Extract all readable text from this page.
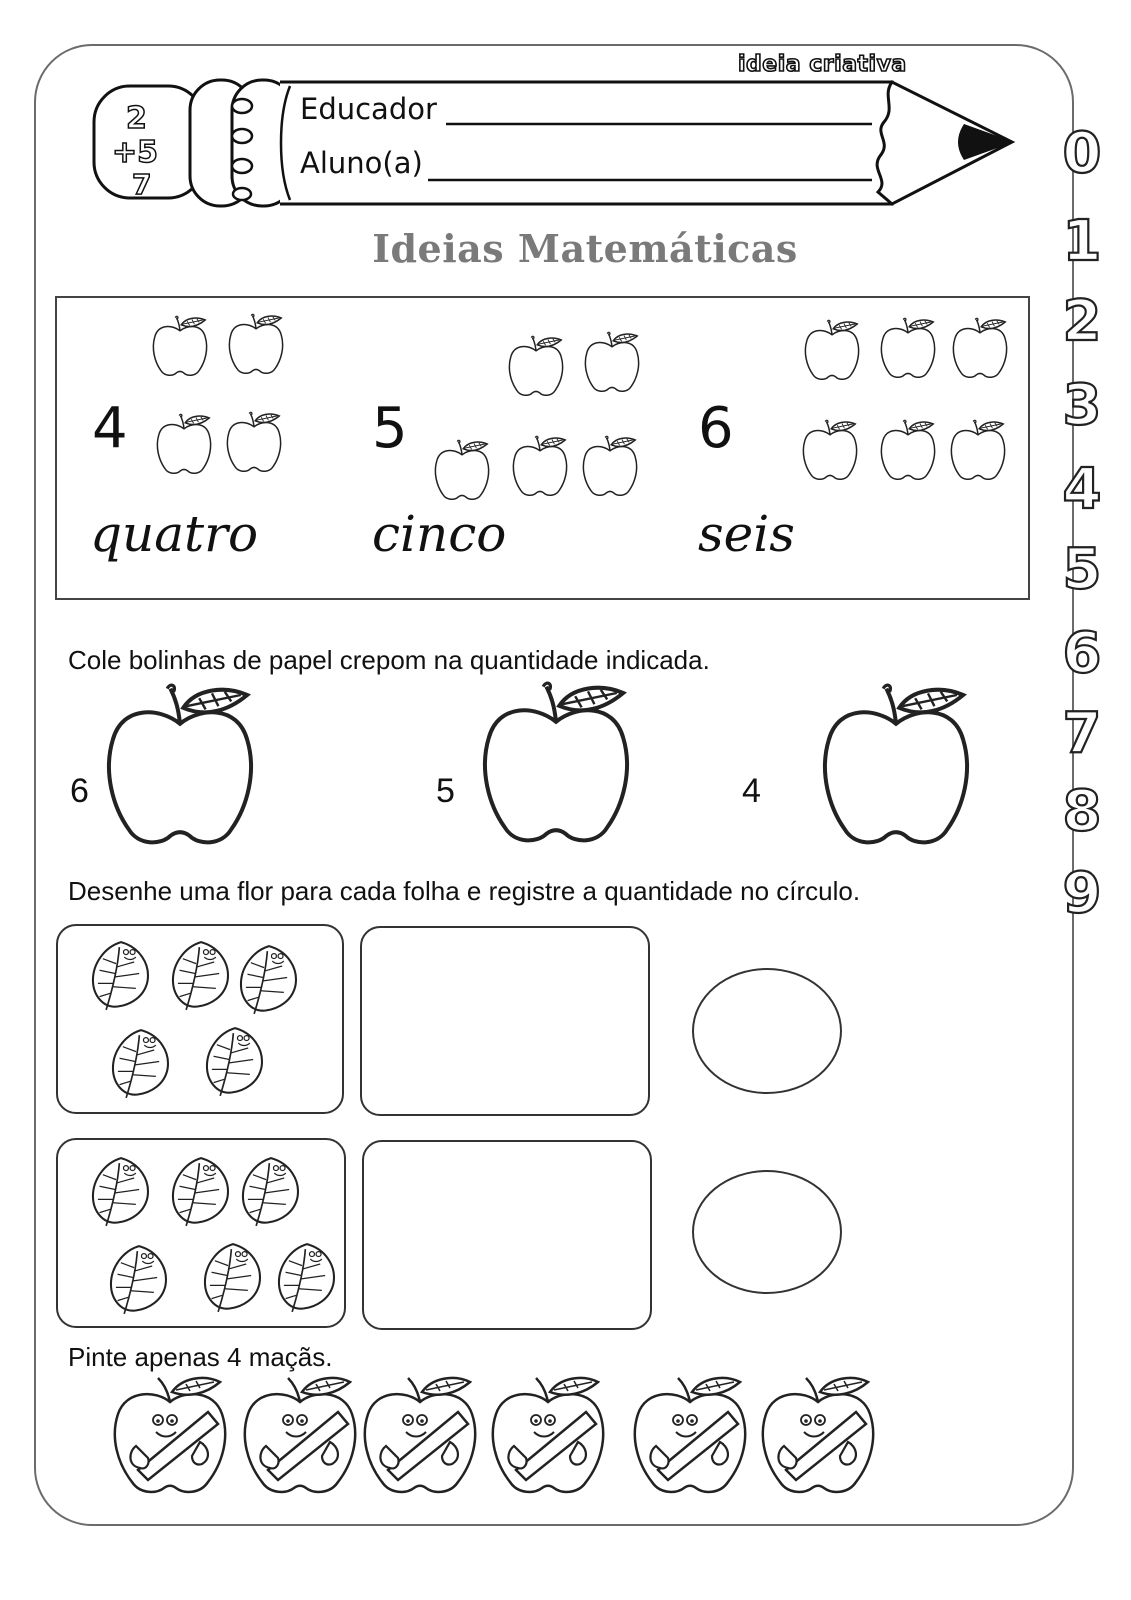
ideia criativa
2
+5
7
Educador
Aluno(a)
Ideias Matemáticas
4
quatro
5
cinco
6
seis
Cole bolinhas de papel crepom na quantidade indicada.
6	5	4
Desenhe uma flor para cada folha e registre a quantidade no círculo.
Pinte apenas 4 maçãs.
0
1
2
3
4
5
6
7
8
9
